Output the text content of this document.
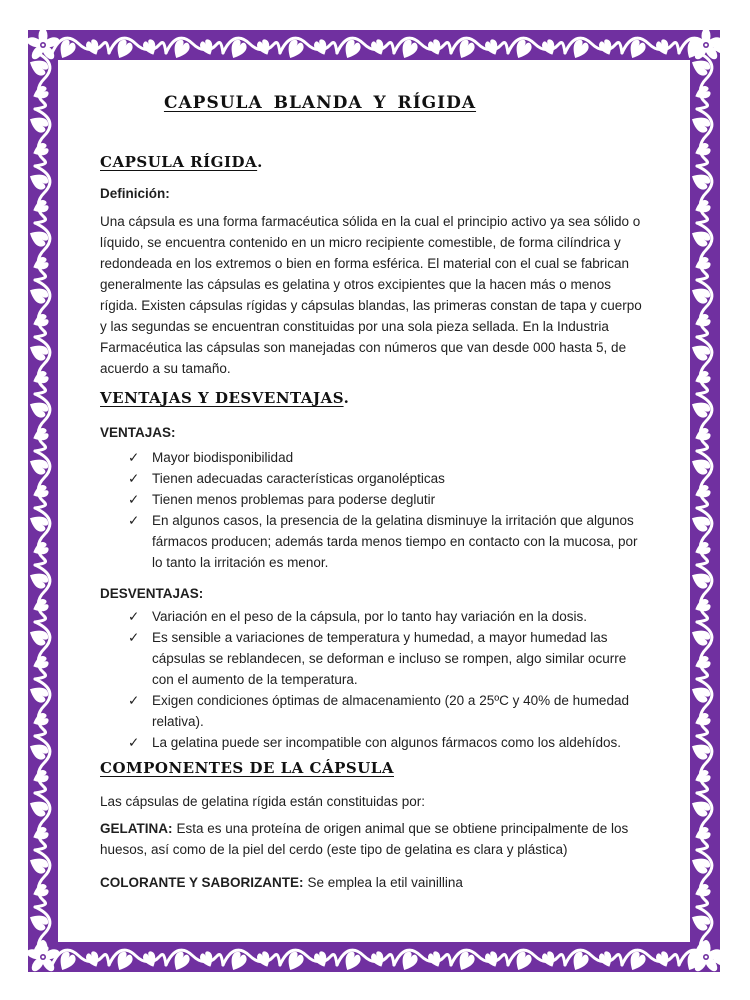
CAPSULA BLANDA Y RÍGIDA
CAPSULA RÍGIDA.

Definición:

Una cápsula es una forma farmacéutica sólida en la cual el principio activo ya sea sólido o líquido, se encuentra contenido en un micro recipiente comestible, de forma cilíndrica y redondeada en los extremos o bien en forma esférica. El material con el cual se fabrican generalmente las cápsulas es gelatina y otros excipientes que la hacen más o menos rígida. Existen cápsulas rígidas y cápsulas blandas, las primeras constan de tapa y cuerpo y las segundas se encuentran constituidas por una sola pieza sellada. En la Industria Farmacéutica las cápsulas son manejadas con números que van desde 000 hasta 5, de acuerdo a su tamaño.

VENTAJAS Y DESVENTAJAS.

VENTAJAS:

✓ Mayor biodisponibilidad
✓ Tienen adecuadas características organolépticas
✓ Tienen menos problemas para poderse deglutir
✓ En algunos casos, la presencia de la gelatina disminuye la irritación que algunos fármacos producen; además tarda menos tiempo en contacto con la mucosa, por lo tanto la irritación es menor.

DESVENTAJAS:

✓ Variación en el peso de la cápsula, por lo tanto hay variación en la dosis.
✓ Es sensible a variaciones de temperatura y humedad, a mayor humedad las cápsulas se reblandecen, se deforman e incluso se rompen, algo similar ocurre con el aumento de la temperatura.
✓ Exigen condiciones óptimas de almacenamiento (20 a 25ºC y 40% de humedad relativa).
✓ La gelatina puede ser incompatible con algunos fármacos como los aldehídos.
COMPONENTES DE LA CÁPSULA

Las cápsulas de gelatina rígida están constituidas por:

GELATINA: Esta es una proteína de origen animal que se obtiene principalmente de los huesos, así como de la piel del cerdo (este tipo de gelatina es clara y plástica)

COLORANTE Y SABORIZANTE: Se emplea la etil vainillina
